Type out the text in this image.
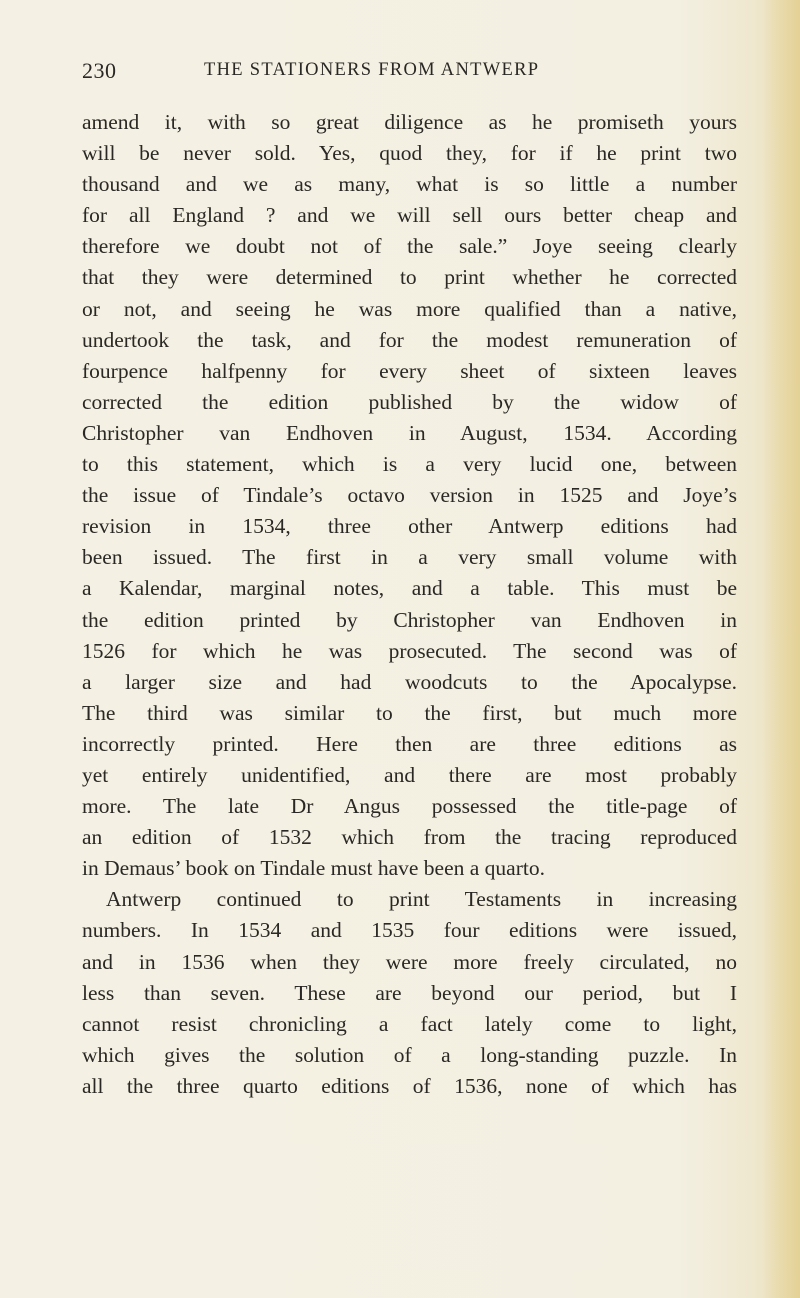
230	THE STATIONERS FROM ANTWERP
amend it, with so great diligence as he promiseth yours
will be never sold. Yes, quod they, for if he print two
thousand and we as many, what is so little a number
for all England ? and we will sell ours better cheap and
therefore we doubt not of the sale.” Joye seeing clearly
that they were determined to print whether he corrected
or not, and seeing he was more qualified than a native,
undertook the task, and for the modest remuneration of
fourpence halfpenny for every sheet of sixteen leaves
corrected the edition published by the widow of
Christopher van Endhoven in August, 1534. According
to this statement, which is a very lucid one, between
the issue of Tindale’s octavo version in 1525 and Joye’s
revision in 1534, three other Antwerp editions had
been issued. The first in a very small volume with
a Kalendar, marginal notes, and a table. This must be
the edition printed by Christopher van Endhoven in
1526 for which he was prosecuted. The second was of
a larger size and had woodcuts to the Apocalypse.
The third was similar to the first, but much more
incorrectly printed. Here then are three editions as
yet entirely unidentified, and there are most probably
more. The late Dr Angus possessed the title-page of
an edition of 1532 which from the tracing reproduced
in Demaus’ book on Tindale must have been a quarto.
Antwerp continued to print Testaments in increasing
numbers. In 1534 and 1535 four editions were issued,
and in 1536 when they were more freely circulated, no
less than seven. These are beyond our period, but I
cannot resist chronicling a fact lately come to light,
which gives the solution of a long-standing puzzle. In
all the three quarto editions of 1536, none of which has
